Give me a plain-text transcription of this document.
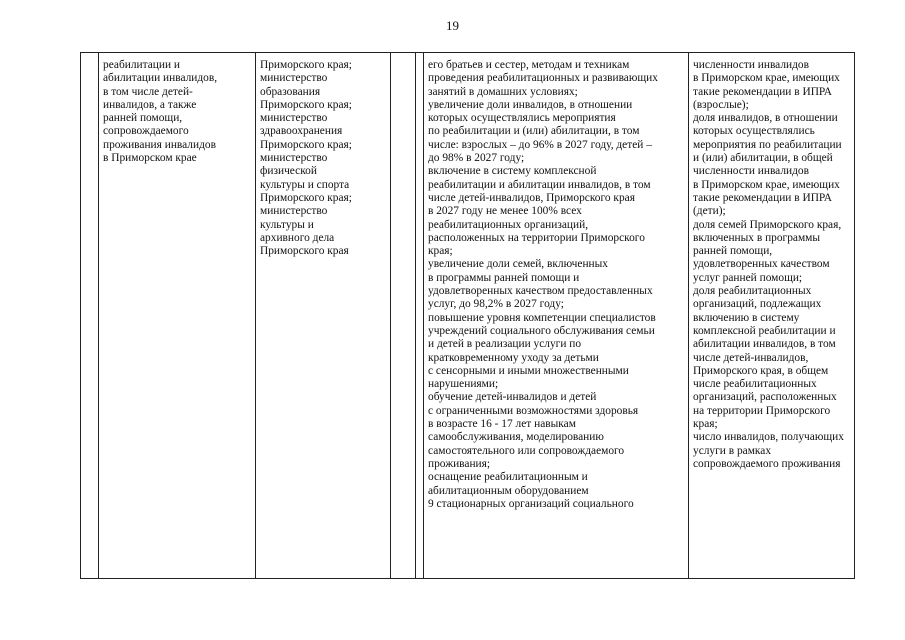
19
реабилитации и
абилитации инвалидов,
в том числе детей-
инвалидов, а также
ранней помощи,
сопровождаемого
проживания инвалидов
в Приморском крае
Приморского края;
министерство
образования
Приморского края;
министерство
здравоохранения
Приморского края;
министерство
физической
культуры и спорта
Приморского края;
министерство
культуры и
архивного дела
Приморского края
его братьев и сестер, методам и техникам
проведения реабилитационных и развивающих
занятий в домашних условиях;
увеличение доли инвалидов, в отношении
которых осуществлялись мероприятия
по реабилитации и (или) абилитации, в том
числе: взрослых – до 96% в 2027 году, детей –
до 98% в 2027 году;
включение в систему комплексной
реабилитации и абилитации инвалидов, в том
числе детей-инвалидов, Приморского края
в 2027 году не менее 100% всех
реабилитационных организаций,
расположенных на территории Приморского
края;
увеличение доли семей, включенных
в программы ранней помощи и
удовлетворенных качеством предоставленных
услуг, до 98,2% в 2027 году;
повышение уровня компетенции специалистов
учреждений социального обслуживания семьи
и детей в реализации услуги по
кратковременному уходу за детьми
с сенсорными и иными множественными
нарушениями;
обучение детей-инвалидов и детей
с ограниченными возможностями здоровья
в возрасте 16 - 17 лет навыкам
самообслуживания, моделированию
самостоятельного или сопровождаемого
проживания;
оснащение реабилитационным и
абилитационным оборудованием
9 стационарных организаций социального
численности инвалидов
в Приморском крае, имеющих
такие рекомендации в ИПРА
(взрослые);
доля инвалидов, в отношении
которых осуществлялись
мероприятия по реабилитации
и (или) абилитации, в общей
численности инвалидов
в Приморском крае, имеющих
такие рекомендации в ИПРА
(дети);
доля семей Приморского края,
включенных в программы
ранней помощи,
удовлетворенных качеством
услуг ранней помощи;
доля реабилитационных
организаций, подлежащих
включению в систему
комплексной реабилитации и
абилитации инвалидов, в том
числе детей-инвалидов,
Приморского края, в общем
числе реабилитационных
организаций, расположенных
на территории Приморского
края;
число инвалидов, получающих
услуги в рамках
сопровождаемого проживания
